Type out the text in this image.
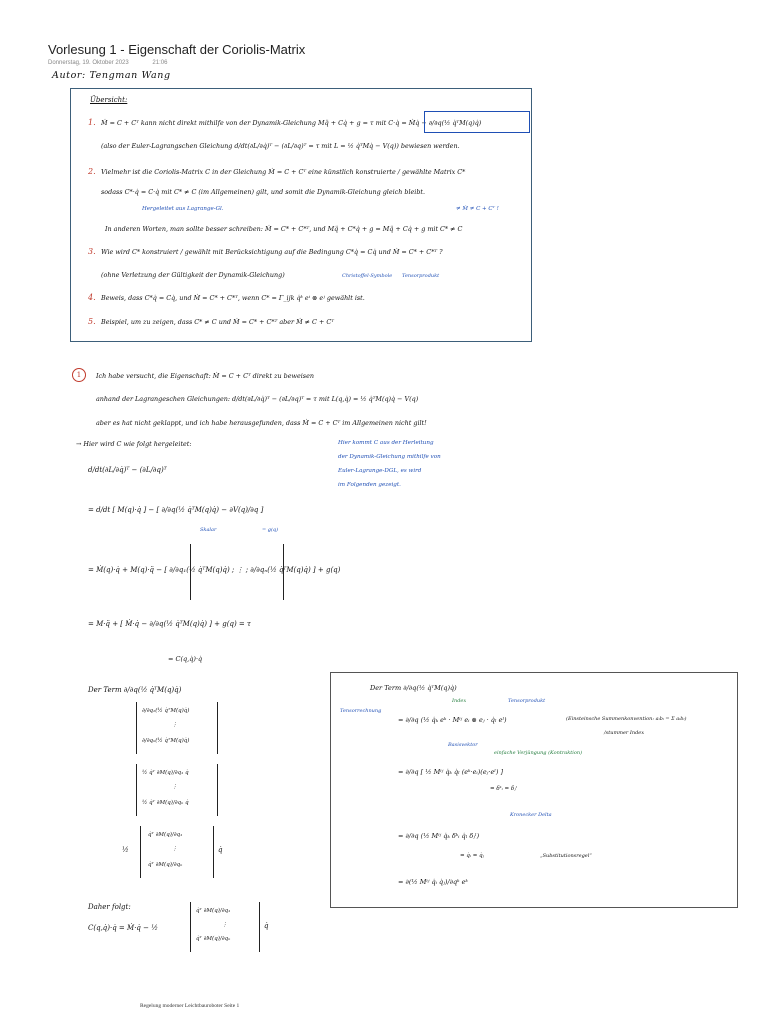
Vorlesung 1 - Eigenschaft der Coriolis-Matrix
Donnerstag, 19. Oktober 2023	21:06
Autor: Tengman Wang
Übersicht:
1. Ṁ = C + Cᵀ kann nicht direkt mithilfe von der Dynamik-Gleichung Mq̈ + Cq̇ + g = τ mit C·q̇ = Ṁq̇ − ∂/∂q(½ q̇ᵀM(q)q̇)
(also der Euler-Lagrangschen Gleichung d/dt(∂L/∂q̇)ᵀ − (∂L/∂q)ᵀ = τ mit L = ½ q̇ᵀMq̇ − V(q)) bewiesen werden.
2. Vielmehr ist die Coriolis-Matrix C in der Gleichung Ṁ = C + Cᵀ eine künstlich konstruierte / gewählte Matrix C*
sodass C*·q̇ = C·q̇ mit C* ≠ C (im Allgemeinen) gilt, und somit die Dynamik-Gleichung gleich bleibt.
Hergeleitet aus Lagrange-Gl.	≠ Ṁ ≠ C + Cᵀ !
In anderen Worten, man sollte besser schreiben: Ṁ = C* + C*ᵀ, und Mq̈ + C*q̇ + g = Mq̈ + Cq̇ + g mit C* ≠ C
3. Wie wird C* konstruiert / gewählt mit Berücksichtigung auf die Bedingung C*q̇ = Cq̇ und Ṁ = C* + C*ᵀ ?
(ohne Verletzung der Gültigkeit der Dynamik-Gleichung)	Christoffel-Symbole Tensorprodukt
4. Beweis, dass C*q̇ = Cq̇, und Ṁ = C* + C*ᵀ, wenn C* = Γ_ijk q̇ᵏ eⁱ ⊗ eʲ gewählt ist.
5. Beispiel, um zu zeigen, dass C* ≠ C und Ṁ = C* + C*ᵀ aber Ṁ ≠ C + Cᵀ
1	Ich habe versucht, die Eigenschaft: Ṁ = C + Cᵀ direkt zu beweisen
anhand der Lagrangeschen Gleichungen: d/dt(∂L/∂q̇)ᵀ − (∂L/∂q)ᵀ = τ mit L(q,q̇) = ½ q̇ᵀM(q)q̇ − V(q)
aber es hat nicht geklappt, und ich habe herausgefunden, dass Ṁ = C + Cᵀ im Allgemeinen nicht gilt!
→ Hier wird C wie folgt hergeleitet:	Hier kommt C aus der Herleitung
der Dynamik-Gleichung mithilfe von
Euler-Lagrange-DGL, es wird
im Folgenden gezeigt.
d/dt(∂L/∂q̇)ᵀ − (∂L/∂q)ᵀ
= d/dt [ M(q)·q̇ ] − [ ∂/∂q(½ q̇ᵀM(q)q̇) − ∂V(q)/∂q ]
Skalar	= g(q)
= Ṁ(q)·q̇ + M(q)·q̈ − [ ∂/∂q₁(½ q̇ᵀM(q)q̇) ; ⋮ ; ∂/∂qₙ(½ q̇ᵀM(q)q̇) ] + g(q)
= M·q̈ + [ Ṁ·q̇ − ∂/∂q(½ q̇ᵀM(q)q̇) ] + g(q) = τ
= C(q,q̇)·q̇
Der Term ∂/∂q(½ q̇ᵀM(q)q̇)
∂/∂q₁(½ q̇ᵀM(q)q̇)
⋮
∂/∂qₙ(½ q̇ᵀM(q)q̇)
½ q̇ᵀ ∂M(q)/∂q₁ q̇
⋮
½ q̇ᵀ ∂M(q)/∂qₙ q̇
½
q̇ᵀ ∂M(q)/∂q₁
⋮
q̇ᵀ ∂M(q)/∂qₙ
q̇
Daher folgt:
C(q,q̇)·q̇ = Ṁ·q̇ − ½
q̇ᵀ ∂M(q)/∂q₁
⋮
q̇ᵀ ∂M(q)/∂qₙ
q̇
Der Term ∂/∂q(½ q̇ᵀM(q)q̇)
Tensorrechnung
Index	Tensorprodukt
= ∂/∂q (½ q̇ₖ eᵏ · Mⁱʲ eᵢ ⊗ eⱼ · q̇ₗ eˡ)	(Einsteinsche Summenkonvention: aᵢbᵢ = Σ aᵢbᵢ)
/stummer Index
Basisvektor
einfache Verjüngung (Kontraktion)
= ∂/∂q [ ½ Mⁱʲ q̇ₖ q̇ₗ (eᵏ·eᵢ)(eⱼ·eˡ) ]
= δᵏᵢ = δⱼˡ
Kronecker Delta
= ∂/∂q (½ Mⁱʲ q̇ₖ δᵏᵢ q̇ₗ δⱼˡ)
= q̇ᵢ = q̇ⱼ	„Substitutionsregel“
= ∂(½ Mⁱʲ q̇ᵢ q̇ⱼ)/∂qᵏ eᵏ
Regelung moderner Leichtbauroboter Seite 1
